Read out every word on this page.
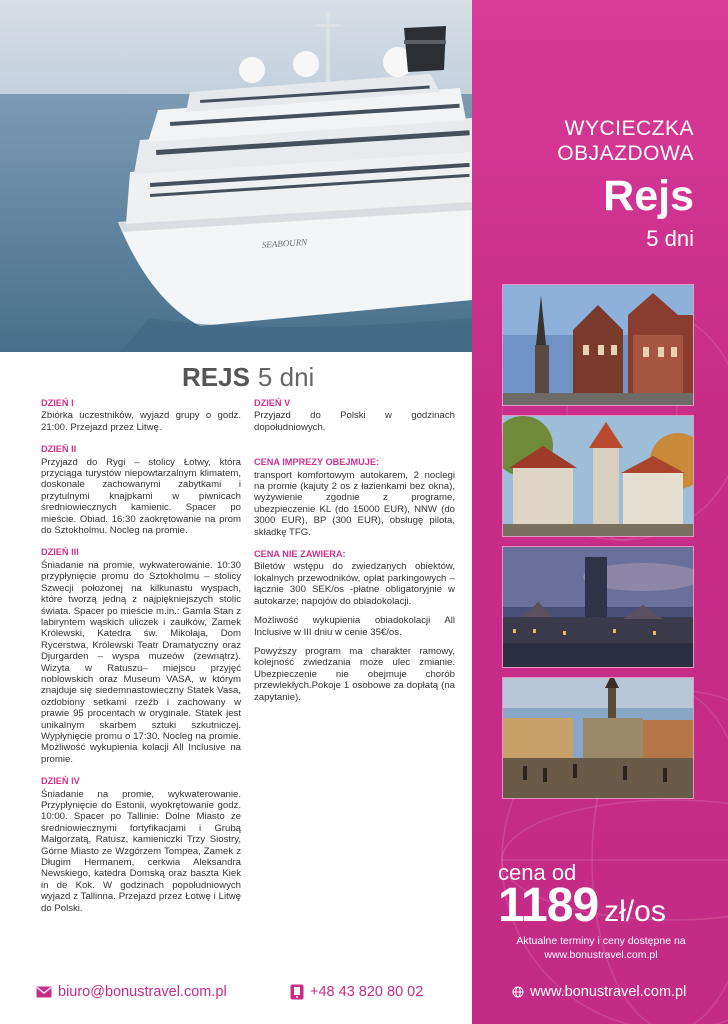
SEABOURN
WYCIECZKA
OBJAZDOWA
Rejs
5 dni
cena od
1189 zł/os
Aktualne terminy i ceny dostępne na
www.bonustravel.com.pl
REJS 5 dni
DZIEŃ I
Zbiórka uczestników, wyjazd grupy o godz. 21:00. Przejazd przez Litwę.
DZIEŃ II
Przyjazd do Rygi – stolicy Łotwy, która przyciąga turystów niepowtarzalnym klimatem, doskonale zachowanymi zabytkami i przytulnymi knajpkami w piwnicach średniowiecznych kamienic. Spacer po mieście. Obiad. 16:30 zaokrętowanie na prom do Sztokholmu. Nocleg na promie.
DZIEŃ III
Śniadanie na promie, wykwaterowanie. 10:30 przypłynięcie promu do Sztokholmu – stolicy Szwecji położonej na kilkunastu wyspach, które tworzą jedną z najpiękniejszych stolic świata. Spacer po mieście m.in.: Gamla Stan z labiryntem wąskich uliczek i zaułków, Zamek Królewski, Katedra św. Mikołaja, Dom Rycerstwa, Królewski Teatr Dramatyczny oraz Djurgarden – wyspa muzeów (zewnątrz). Wizyta w Ratuszu– miejscu przyjęć noblowskich oraz Museum VASA, w którym znajduje się siedemnastowieczny Statek Vasa, ozdobiony setkami rzeźb i zachowany w prawie 95 procentach w oryginale. Statek jest unikalnym skarbem sztuki szkutniczej. Wypłynięcie promu o 17:30. Nocleg na promie. Możliwość wykupienia kolacji All Inclusive na promie.
DZIEŃ IV
Śniadanie na promie, wykwaterowanie. Przypłynięcie do Estonii, wyokrętowanie godz. 10:00. Spacer po Tallinie: Dolne Miasto ze średniowiecznymi fortyfikacjami i Grubą Małgorzatą, Ratusz, kamieniczki Trzy Siostry, Górne Miasto ze Wzgórzem Tompea, Zamek z Długim Hermanem, cerkwia Aleksandra Newskiego, katedra Domską oraz baszta Kiek in de Kok. W godzinach popołudniowych wyjazd z Tallinna. Przejazd przez Łotwę i Litwę do Polski.
DZIEŃ V
Przyjazd do Polski w godzinach dopołudniowych.
CENA IMPREZY OBEJMUJE:
transport komfortowym autokarem, 2 noclegi na promie (kajuty 2 os z łazienkami bez okna), wyżywienie zgodnie z programe, ubezpieczenie KL (do 15000 EUR), NNW (do 3000 EUR), BP (300 EUR), obsługę pilota, składkę TFG.
CENA NIE ZAWIERA:

Biletów wstępu do zwiedzanych obiektów, lokalnych przewodników, opłat parkingowych – łącznie 300 SEK/os -płatne obligatoryjnie w autokarze; napojów do obiadokolacji.

Możliwość wykupienia obiadokolacji All Inclusive w III dniu w cenie 35€/os.

Powyższy program ma charakter ramowy, kolejność zwiedzania może ulec zmianie. Ubezpieczenie nie obejmuje chorób przewlekłych.Pokoje 1 osobowe za dopłatą (na zapytanie).

biuro@bonustravel.com.pl	+48 43 820 80 02	www.bonustravel.com.pl
